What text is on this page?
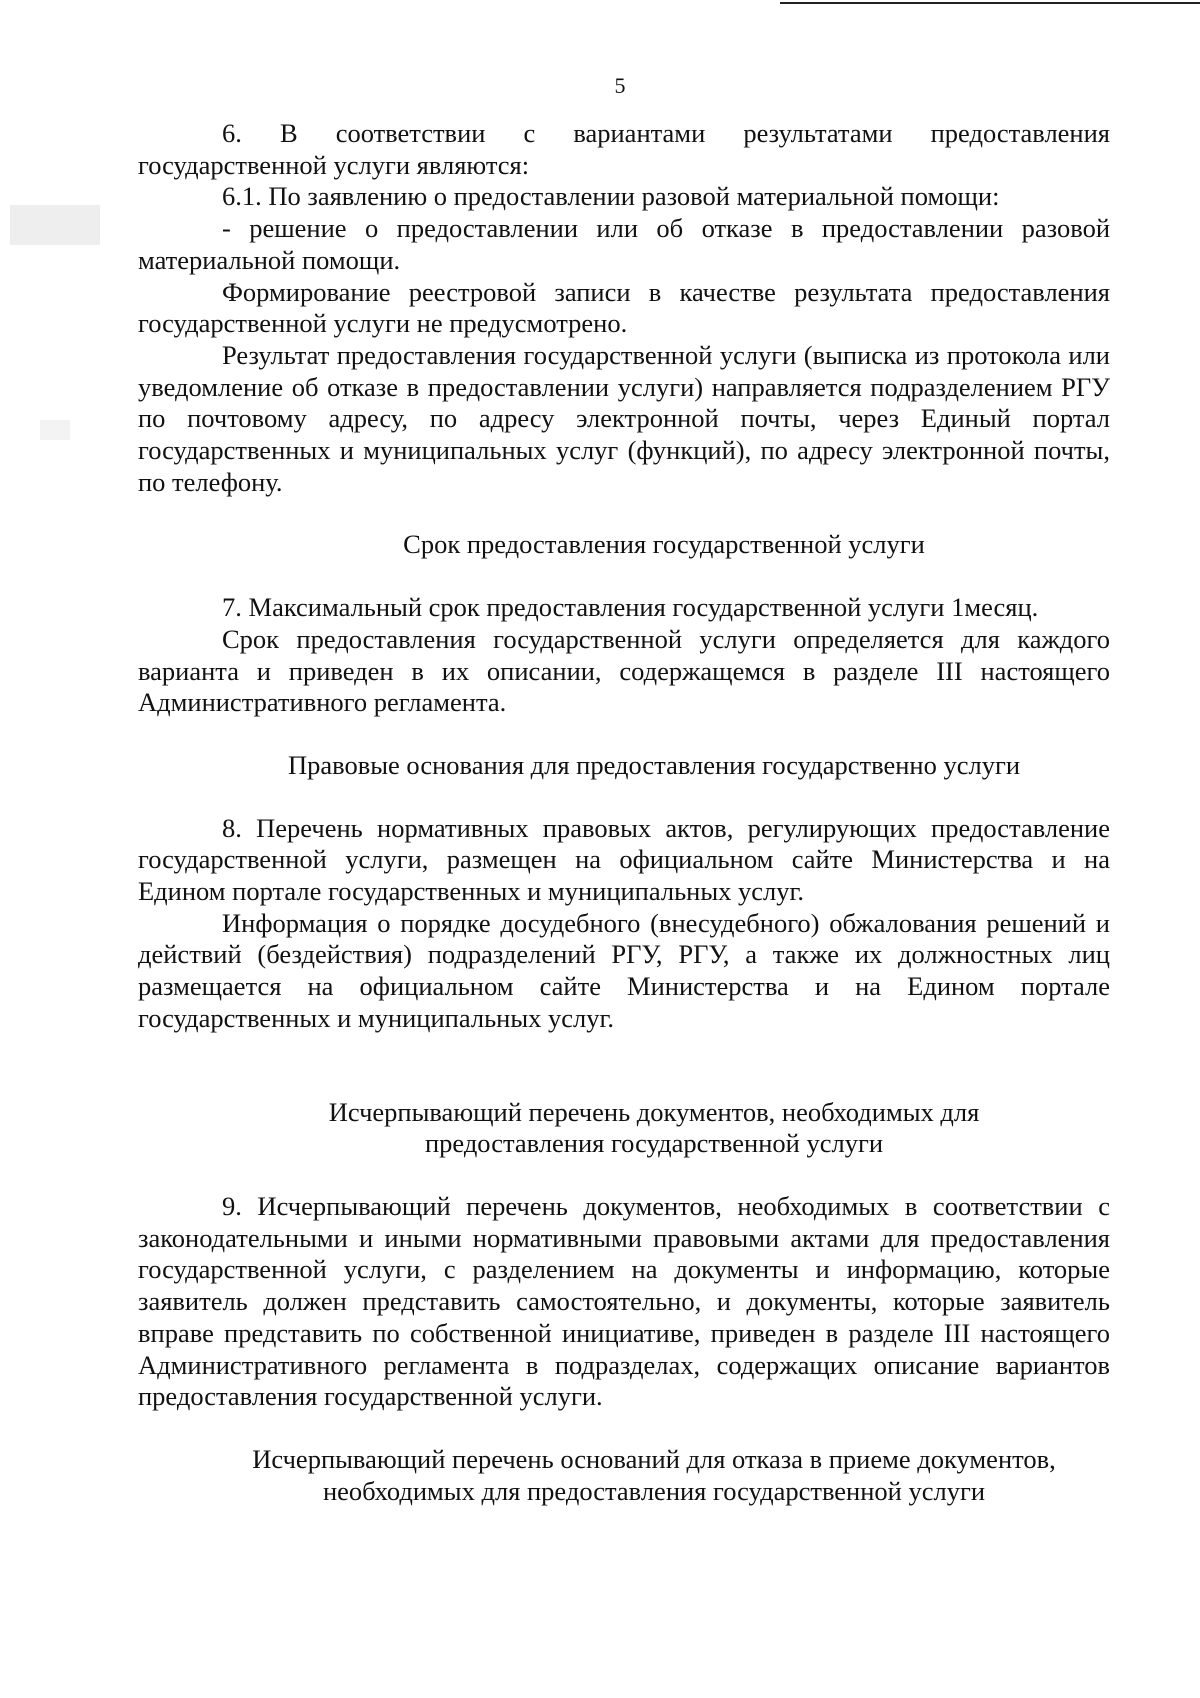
5

6. В соответствии с вариантами результатами предоставления государственной услуги являются:

6.1. По заявлению о предоставлении разовой материальной помощи:

- решение о предоставлении или об отказе в предоставлении разовой материальной помощи.

Формирование реестровой записи в качестве результата предоставления государственной услуги не предусмотрено.

Результат предоставления государственной услуги (выписка из протокола или уведомление об отказе в предоставлении услуги) направляется подразделением РГУ по почтовому адресу, по адресу электронной почты, через Единый портал государственных и муниципальных услуг (функций), по адресу электронной почты, по телефону.

Срок предоставления государственной услуги

7. Максимальный срок предоставления государственной услуги 1месяц.

Срок предоставления государственной услуги определяется для каждого варианта и приведен в их описании, содержащемся в разделе III настоящего Административного регламента.

Правовые основания для предоставления государственно услуги

8. Перечень нормативных правовых актов, регулирующих предоставление государственной услуги, размещен на официальном сайте Министерства и на Едином портале государственных и муниципальных услуг.

Информация о порядке досудебного (внесудебного) обжалования решений и действий (бездействия) подразделений РГУ, РГУ, а также их должностных лиц размещается на официальном сайте Министерства и на Едином портале государственных и муниципальных услуг.

Исчерпывающий перечень документов, необходимых для

предоставления государственной услуги

9. Исчерпывающий перечень документов, необходимых в соответствии с законодательными и иными нормативными правовыми актами для предоставления государственной услуги, с разделением на документы и информацию, которые заявитель должен представить самостоятельно, и документы, которые заявитель вправе представить по собственной инициативе, приведен в разделе III настоящего Административного регламента в подразделах, содержащих описание вариантов предоставления государственной услуги.

Исчерпывающий перечень оснований для отказа в приеме документов,

необходимых для предоставления государственной услуги
